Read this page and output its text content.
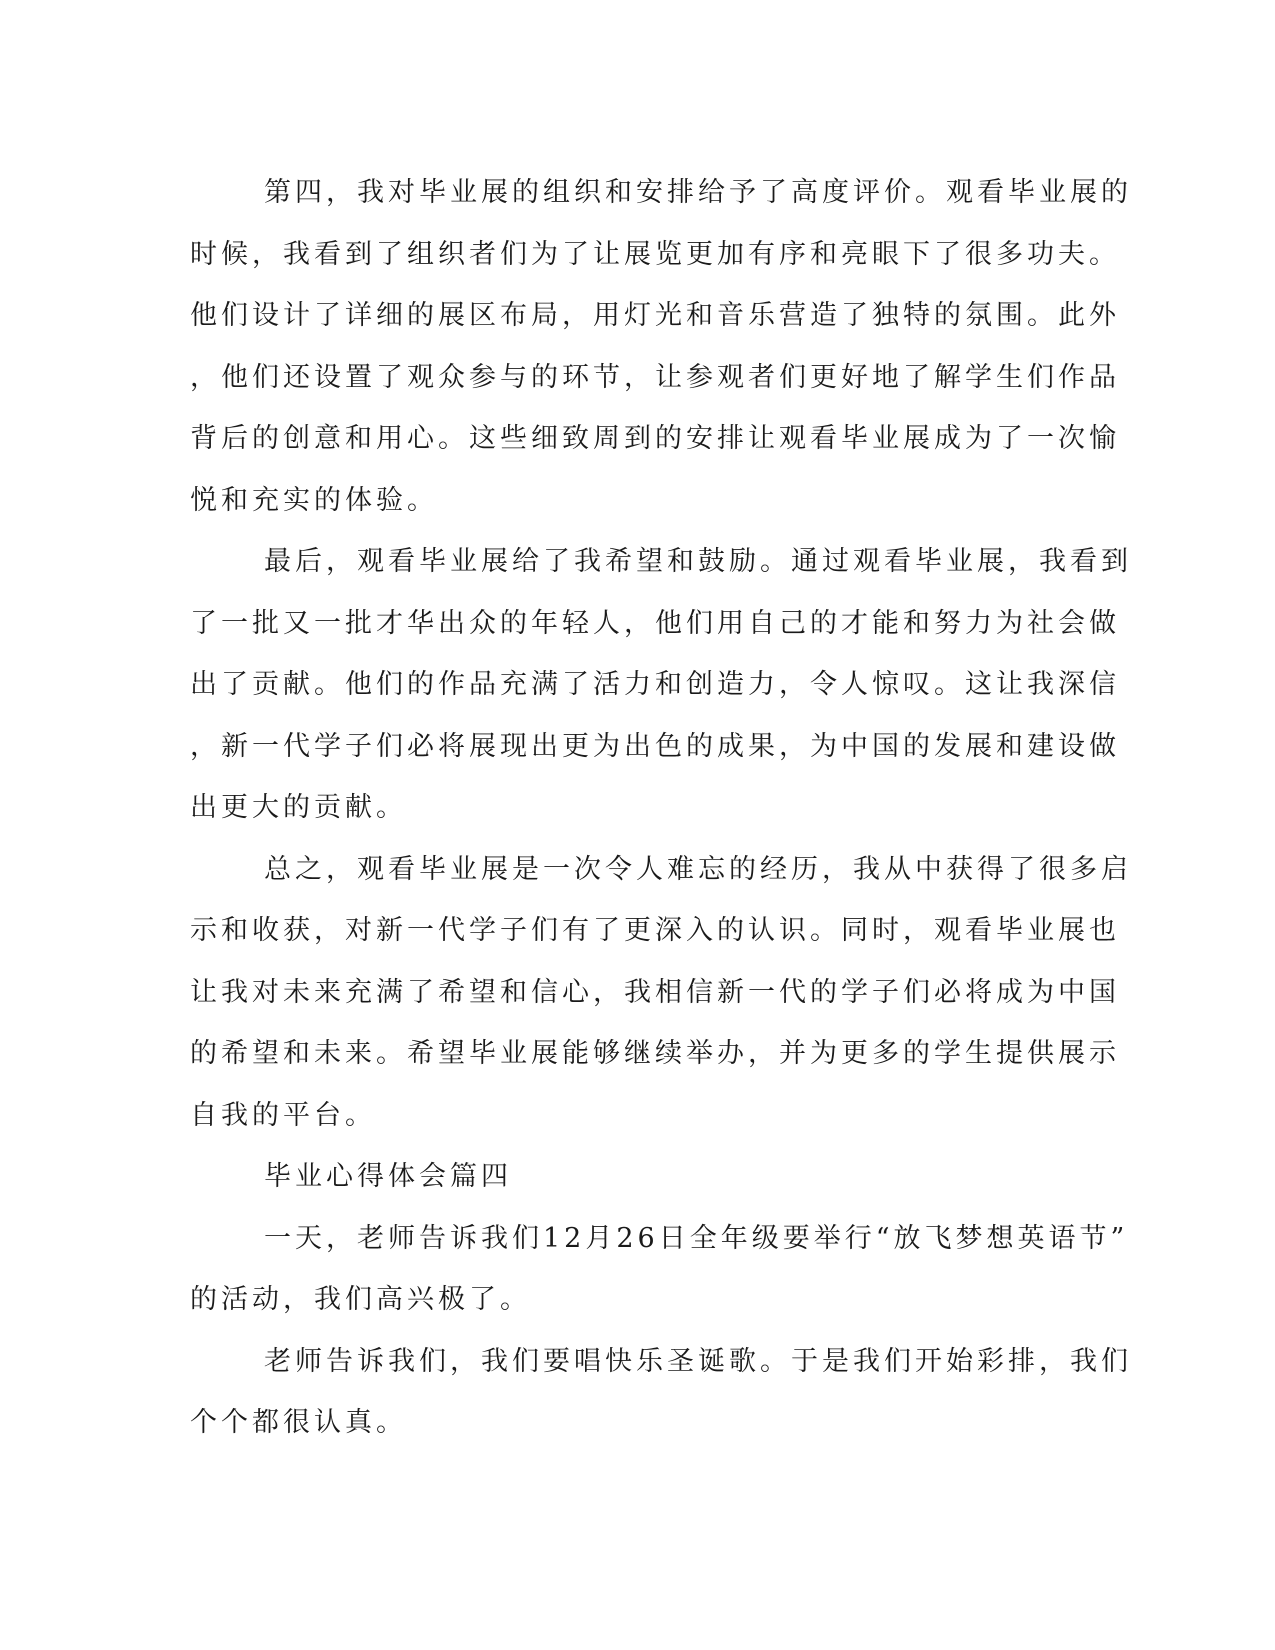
第四，我对毕业展的组织和安排给予了高度评价。观看毕业展的
时候，我看到了组织者们为了让展览更加有序和亮眼下了很多功夫。
他们设计了详细的展区布局，用灯光和音乐营造了独特的氛围。此外
，他们还设置了观众参与的环节，让参观者们更好地了解学生们作品
背后的创意和用心。这些细致周到的安排让观看毕业展成为了一次愉
悦和充实的体验。
最后，观看毕业展给了我希望和鼓励。通过观看毕业展，我看到
了一批又一批才华出众的年轻人，他们用自己的才能和努力为社会做
出了贡献。他们的作品充满了活力和创造力，令人惊叹。这让我深信
，新一代学子们必将展现出更为出色的成果，为中国的发展和建设做
出更大的贡献。
总之，观看毕业展是一次令人难忘的经历，我从中获得了很多启
示和收获，对新一代学子们有了更深入的认识。同时，观看毕业展也
让我对未来充满了希望和信心，我相信新一代的学子们必将成为中国
的希望和未来。希望毕业展能够继续举办，并为更多的学生提供展示
自我的平台。
毕业心得体会篇四
一天，老师告诉我们12月26日全年级要举行“放飞梦想英语节”
的活动，我们高兴极了。
老师告诉我们，我们要唱快乐圣诞歌。于是我们开始彩排，我们
个个都很认真。
